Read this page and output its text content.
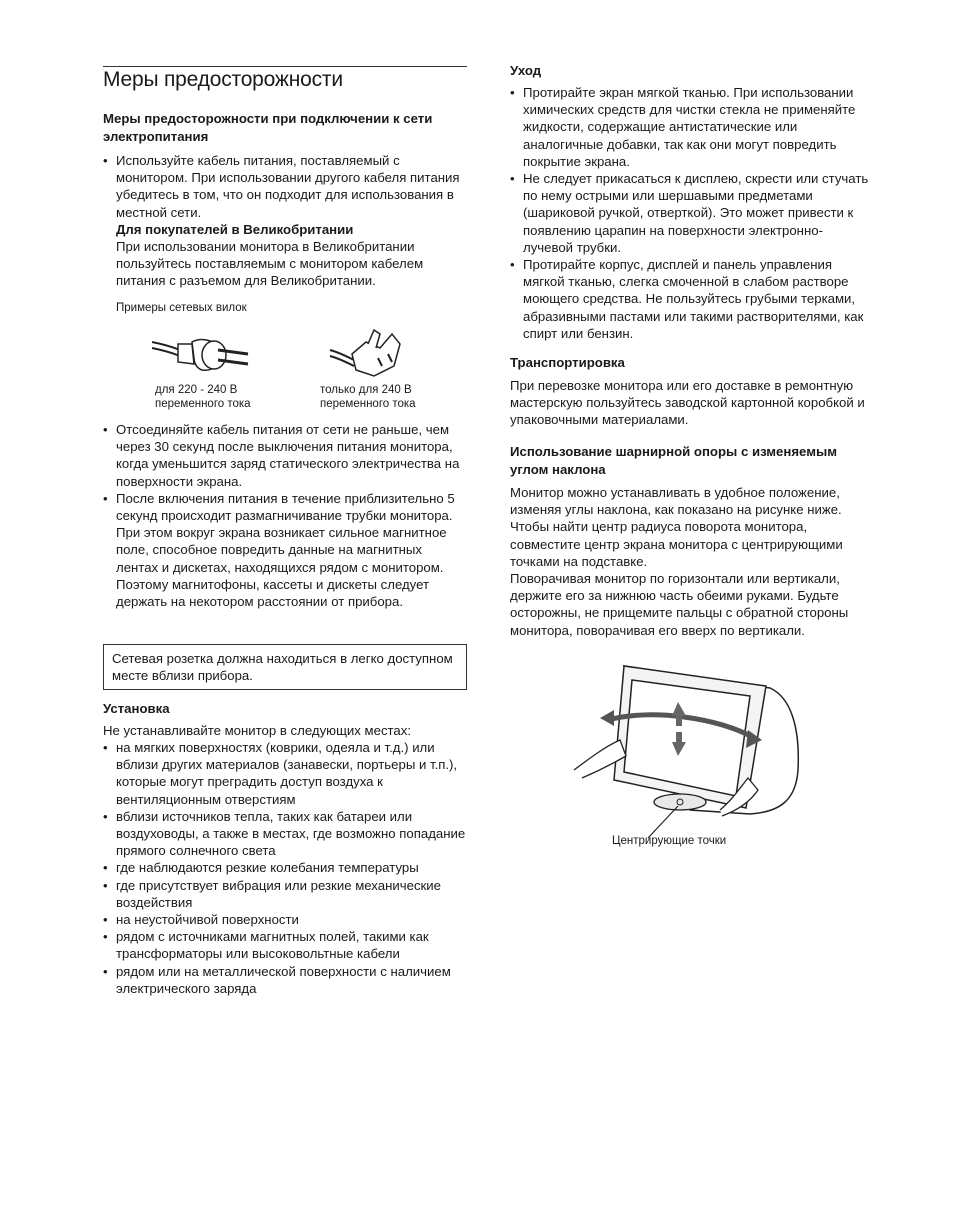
Меры предосторожности

Меры предосторожности при подключении к сети электропитания

• Используйте кабель питания, поставляемый с монитором. При использовании другого кабеля питания убедитесь в том, что он подходит для использования в местной сети.
Для покупателей в Великобритании
При использовании монитора в Великобритании пользуйтесь поставляемым с монитором кабелем питания с разъемом для Великобритании.
Примеры сетевых вилок
для 220 - 240 В переменного тока
только для 240 В переменного тока
• Отсоединяйте кабель питания от сети не раньше, чем через 30 секунд после выключения питания монитора, когда уменьшится заряд статического электричества на поверхности экрана.
• После включения питания в течение приблизительно 5 секунд происходит размагничивание трубки монитора. При этом вокруг экрана возникает сильное магнитное поле, способное повредить данные на магнитных лентах и дискетах, находящихся рядом с монитором. Поэтому магнитофоны, кассеты и дискеты следует держать на некотором расстоянии от прибора.
Сетевая розетка должна находиться в легко доступном месте вблизи прибора.

Установка

Не устанавливайте монитор в следующих местах:
• на мягких поверхностях (коврики, одеяла и т.д.) или вблизи других материалов (занавески, портьеры и т.п.), которые могут преградить доступ воздуха к вентиляционным отверстиям
• вблизи источников тепла, таких как батареи или воздуховоды, а также в местах, где возможно попадание прямого солнечного света
• где наблюдаются резкие колебания температуры
• где присутствует вибрация или резкие механические воздействия
• на неустойчивой поверхности
• рядом с источниками магнитных полей, такими как трансформаторы или высоковольтные кабели
• рядом или на металлической поверхности с наличием электрического заряда

Уход

• Протирайте экран мягкой тканью. При использовании химических средств для чистки стекла не применяйте жидкости, содержащие антистатические или аналогичные добавки, так как они могут повредить покрытие экрана.
• Не следует прикасаться к дисплею, скрести или стучать по нему острыми или шершавыми предметами (шариковой ручкой, отверткой). Это может привести к появлению царапин на поверхности электронно-лучевой трубки.
• Протирайте корпус, дисплей и панель управления мягкой тканью, слегка смоченной в слабом растворе моющего средства. Не пользуйтесь грубыми терками, абразивными пастами или такими растворителями, как спирт или бензин.

Транспортировка

При перевозке монитора или его доставке в ремонтную мастерскую пользуйтесь заводской картонной коробкой и упаковочными материалами.

Использование шарнирной опоры с изменяемым углом наклона

Монитор можно устанавливать в удобное положение, изменяя углы наклона, как показано на рисунке ниже. Чтобы найти центр радиуса поворота монитора, совместите центр экрана монитора с центрирующими точками на подставке.
Поворачивая монитор по горизонтали или вертикали, держите его за нижнюю часть обеими руками. Будьте осторожны, не прищемите пальцы с обратной стороны монитора, поворачивая его вверх по вертикали.
Центрирующие точки
